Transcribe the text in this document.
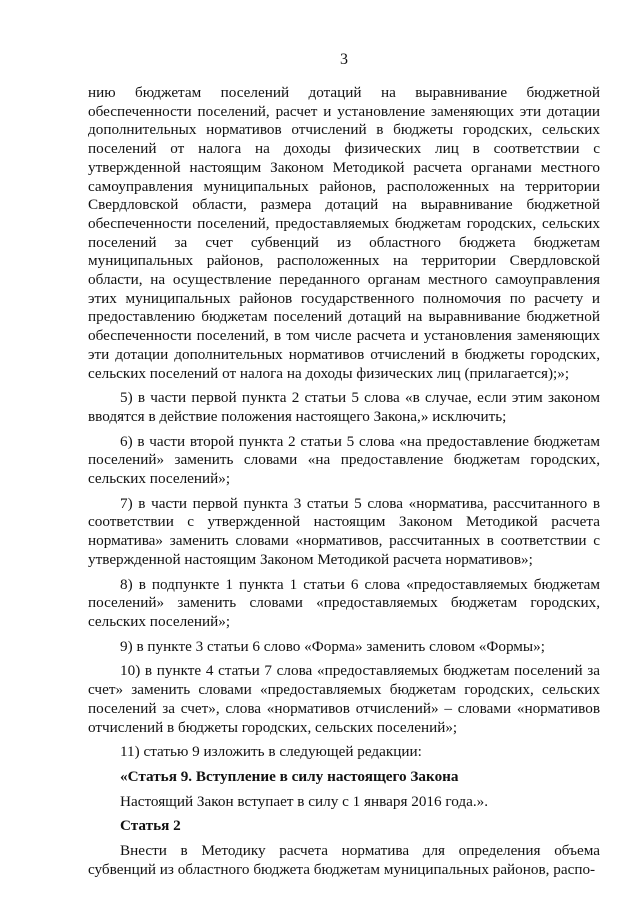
3

нию бюджетам поселений дотаций на выравнивание бюджетной обеспеченности поселений, расчет и установление заменяющих эти дотации дополнительных нормативов отчислений в бюджеты городских, сельских поселений от налога на доходы физических лиц в соответствии с утвержденной настоящим Законом Методикой расчета органами местного самоуправления муниципальных районов, расположенных на территории Свердловской области, размера дотаций на выравнивание бюджетной обеспеченности поселений, предоставляемых бюджетам городских, сельских поселений за счет субвенций из областного бюджета бюджетам муниципальных районов, расположенных на территории Свердловской области, на осуществление переданного органам местного самоуправления этих муниципальных районов государственного полномочия по расчету и предоставлению бюджетам поселений дотаций на выравнивание бюджетной обеспеченности поселений, в том числе расчета и установления заменяющих эти дотации дополнительных нормативов отчислений в бюджеты городских, сельских поселений от налога на доходы физических лиц (прилагается);»;

5) в части первой пункта 2 статьи 5 слова «в случае, если этим законом вводятся в действие положения настоящего Закона,» исключить;

6) в части второй пункта 2 статьи 5 слова «на предоставление бюджетам поселений» заменить словами «на предоставление бюджетам городских, сельских поселений»;

7) в части первой пункта 3 статьи 5 слова «норматива, рассчитанного в соответствии с утвержденной настоящим Законом Методикой расчета норматива» заменить словами «нормативов, рассчитанных в соответствии с утвержденной настоящим Законом Методикой расчета нормативов»;

8) в подпункте 1 пункта 1 статьи 6 слова «предоставляемых бюджетам поселений» заменить словами «предоставляемых бюджетам городских, сельских поселений»;

9) в пункте 3 статьи 6 слово «Форма» заменить словом «Формы»;

10) в пункте 4 статьи 7 слова «предоставляемых бюджетам поселений за счет» заменить словами «предоставляемых бюджетам городских, сельских поселений за счет», слова «нормативов отчислений» – словами «нормативов отчислений в бюджеты городских, сельских поселений»;

11) статью 9 изложить в следующей редакции:

«Статья 9. Вступление в силу настоящего Закона

Настоящий Закон вступает в силу с 1 января 2016 года.».

Статья 2

Внести в Методику расчета норматива для определения объема субвенций из областного бюджета бюджетам муниципальных районов, распо-
